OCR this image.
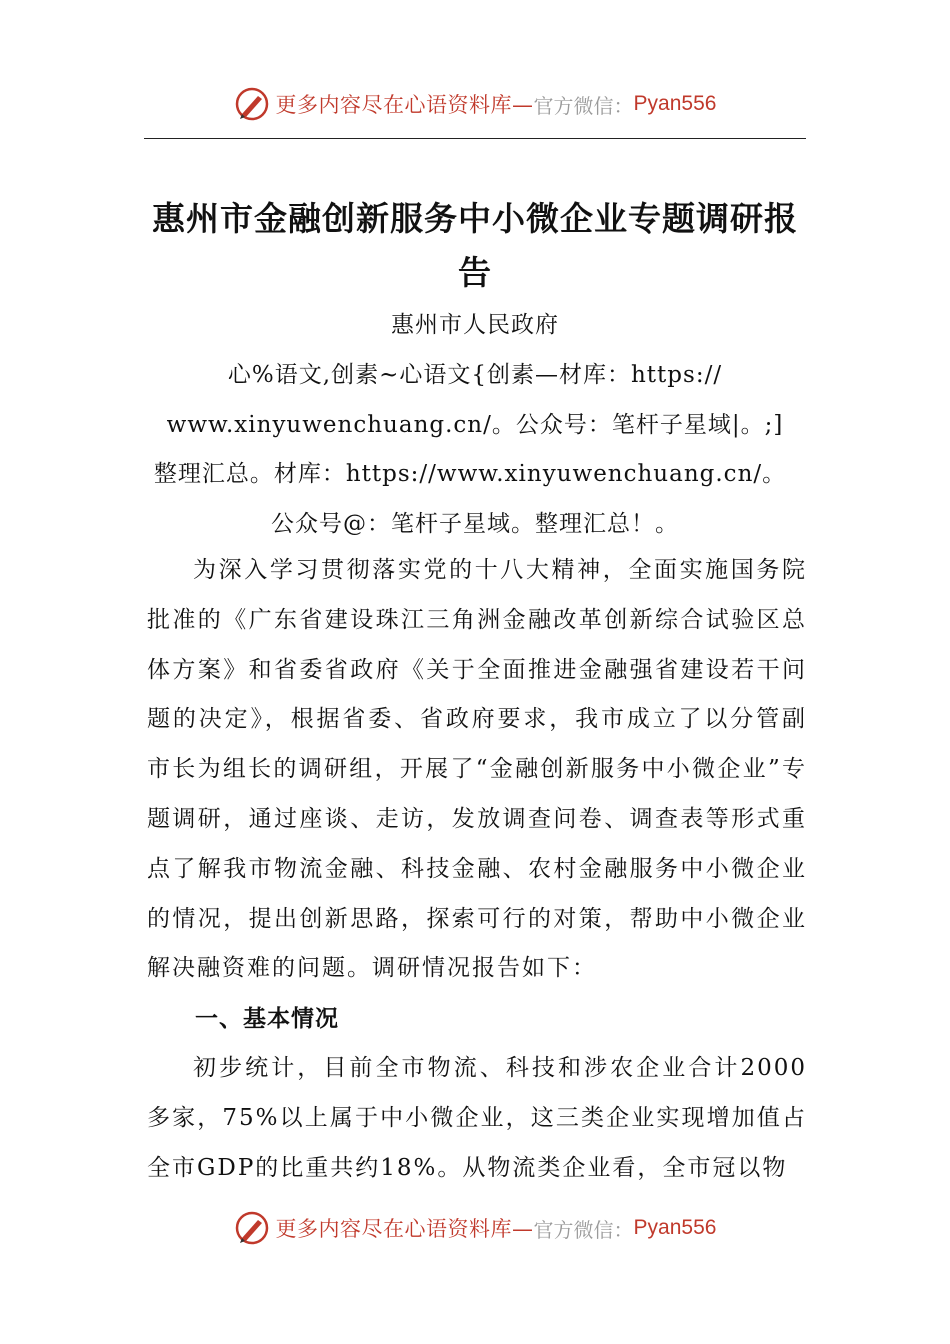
更多内容尽在心语资料库— 官方微信： Pyan556
惠州市金融创新服务中小微企业专题调研报告
惠州市人民政府
心%语文,创素~心语文{创素—材库：https://
www.xinyuwenchuang.cn/。公众号：笔杆子星域|。;]
整理汇总。材库：https://www.xinyuwenchuang.cn/。
公众号@：笔杆子星域。整理汇总！。
为深入学习贯彻落实党的十八大精神，全面实施国务院批准的《广东省建设珠江三角洲金融改革创新综合试验区总体方案》和省委省政府《关于全面推进金融强省建设若干问题的决定》，根据省委、省政府要求，我市成立了以分管副市长为组长的调研组，开展了“金融创新服务中小微企业”专题调研，通过座谈、走访，发放调查问卷、调查表等形式重点了解我市物流金融、科技金融、农村金融服务中小微企业的情况，提出创新思路，探索可行的对策，帮助中小微企业解决融资难的问题。调研情况报告如下：
一、基本情况
初步统计，目前全市物流、科技和涉农企业合计2000多家，75%以上属于中小微企业，这三类企业实现增加值占全市GDP的比重共约18%。从物流类企业看，全市冠以物
更多内容尽在心语资料库— 官方微信： Pyan556
